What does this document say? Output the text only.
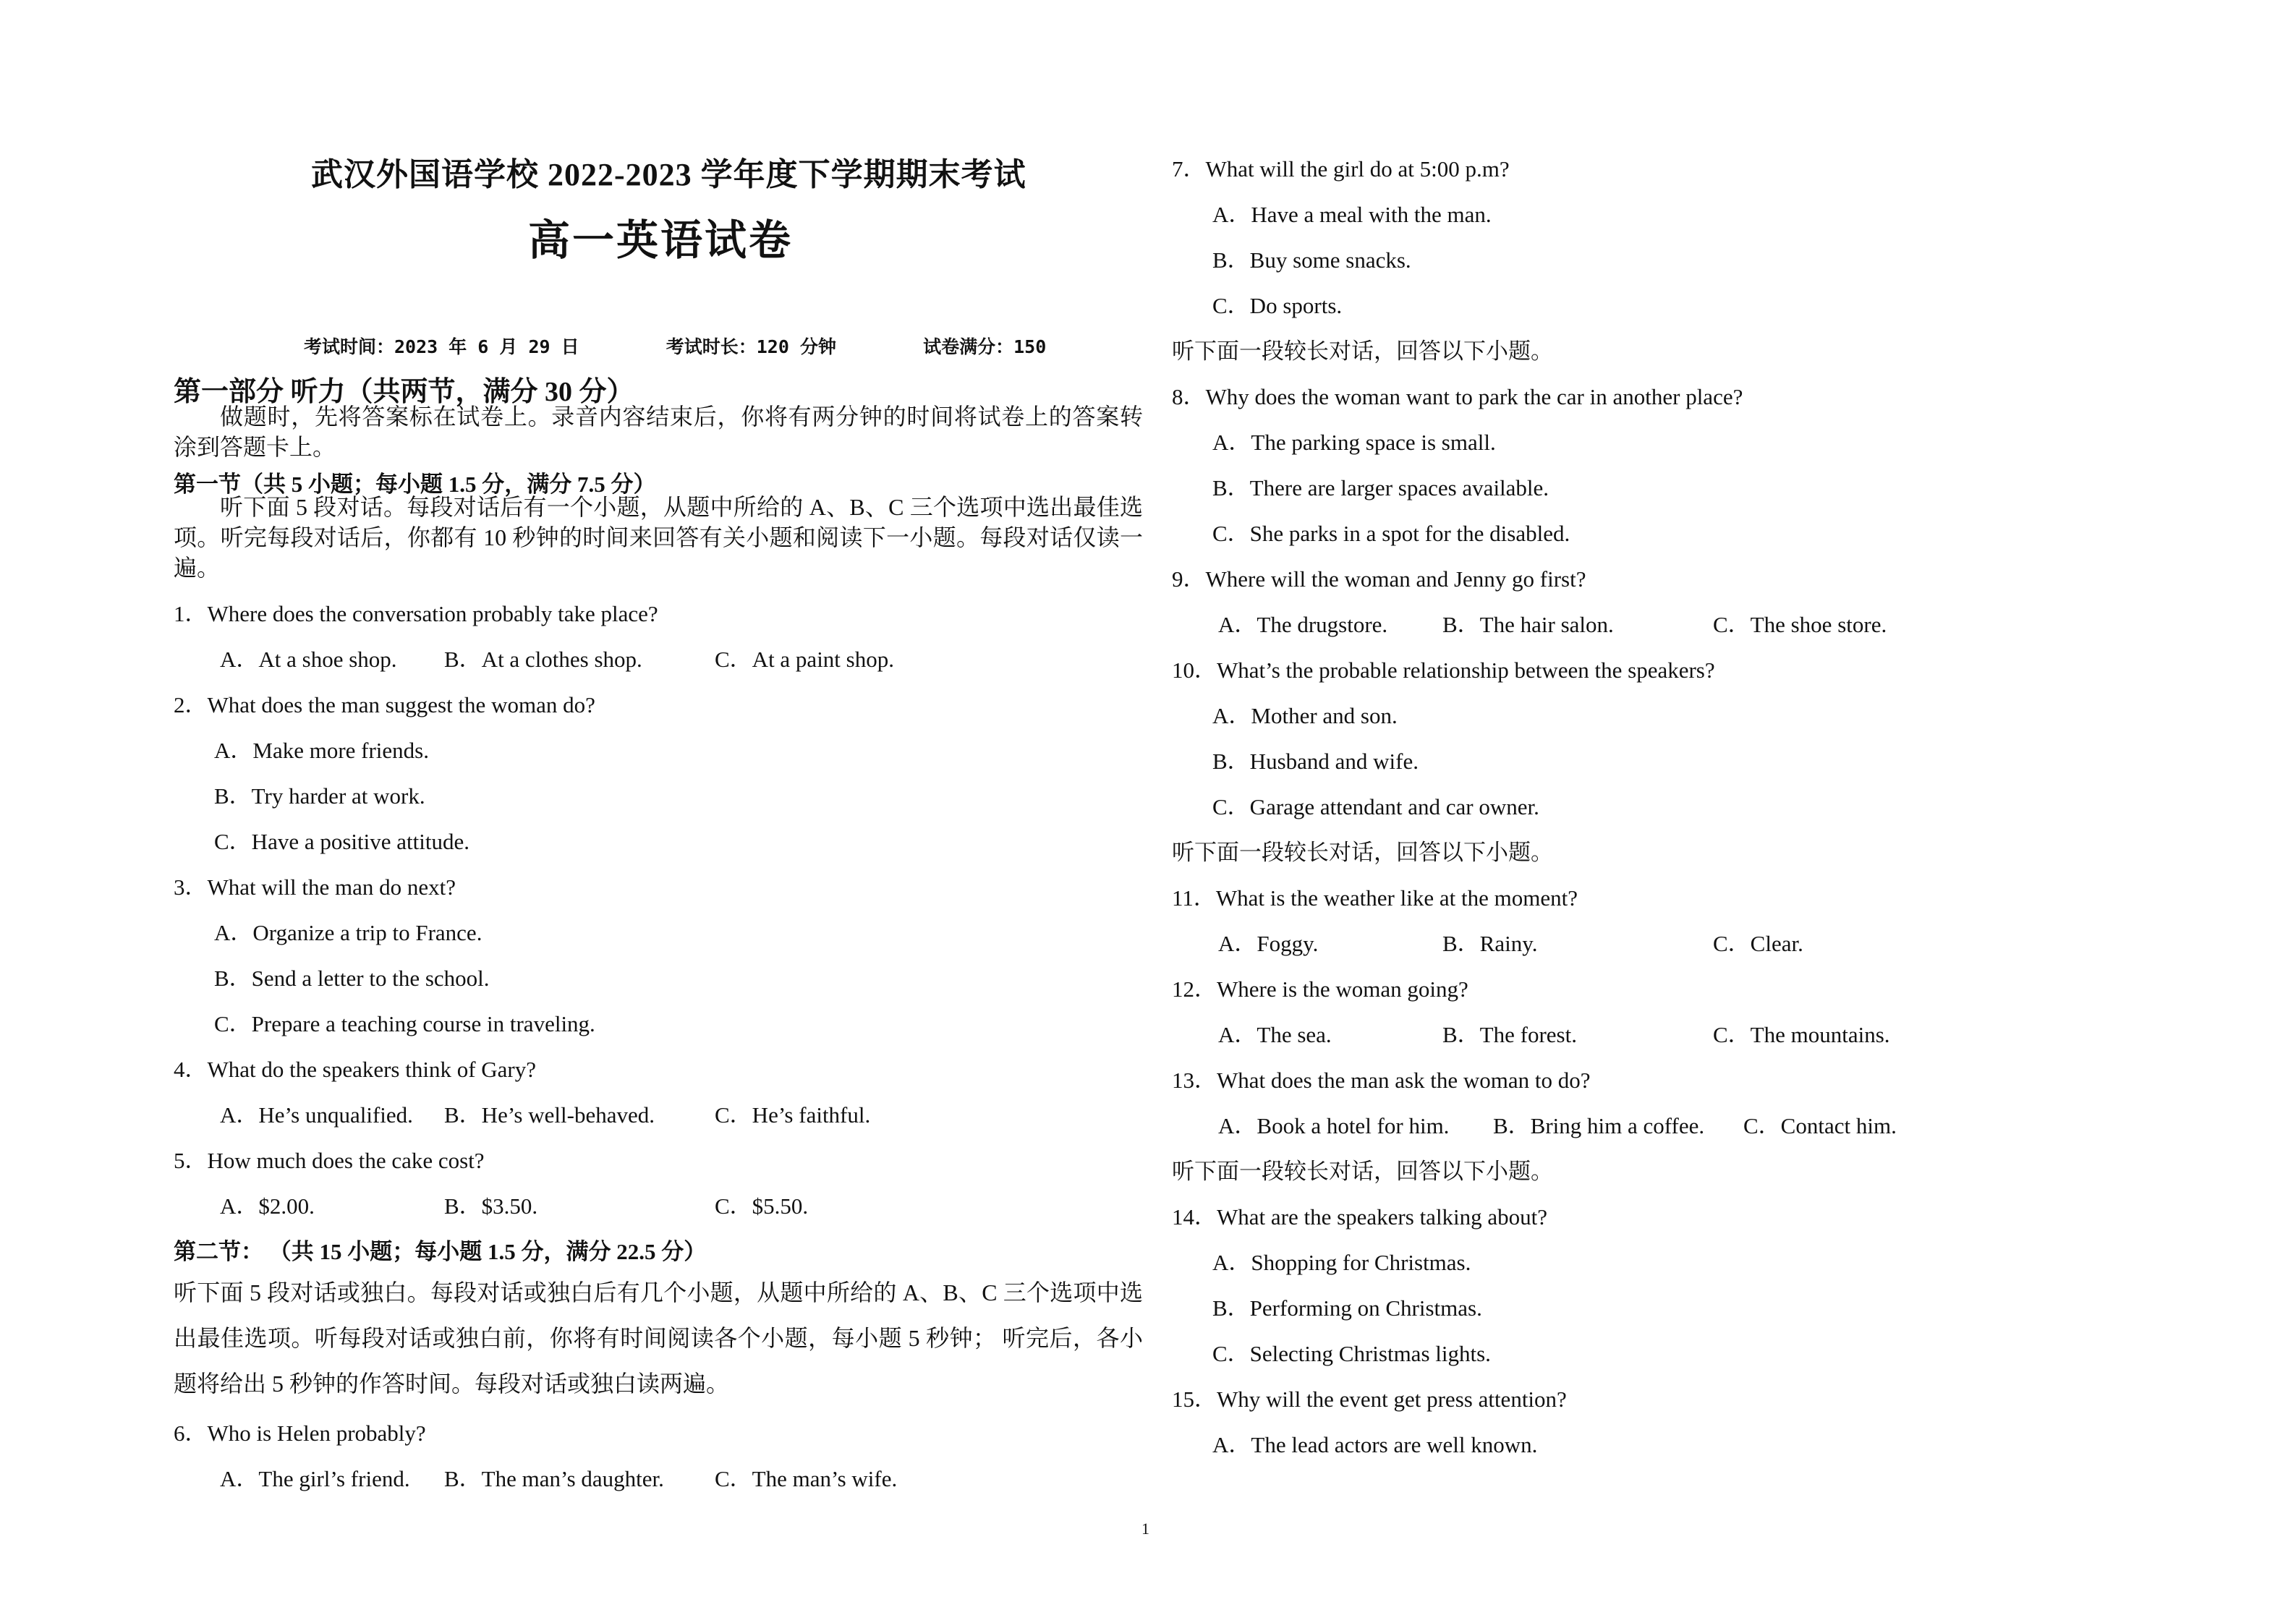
武汉外国语学校 2022-2023 学年度下学期期末考试
高一英语试卷
考试时间：2023 年 6 月 29 日	考试时长：120 分钟	试卷满分：150
第一部分 听力（共两节，满分 30 分）
做题时，先将答案标在试卷上。录音内容结束后，你将有两分钟的时间将试卷上的答案转涂到答题卡上。
第一节（共 5 小题；每小题 1.5 分，满分 7.5 分）
听下面 5 段对话。每段对话后有一个小题，从题中所给的 A、B、C 三个选项中选出最佳选项。听完每段对话后，你都有 10 秒钟的时间来回答有关小题和阅读下一小题。每段对话仅读一遍。
1．Where does the conversation probably take place?
A．At a shoe shop.	B．At a clothes shop.	C．At a paint shop.
2．What does the man suggest the woman do?
A．Make more friends.
B．Try harder at work.
C．Have a positive attitude.
3．What will the man do next?
A．Organize a trip to France.
B．Send a letter to the school.
C．Prepare a teaching course in traveling.
4．What do the speakers think of Gary?
A．He’s unqualified.	B．He’s well-behaved.	C．He’s faithful.
5．How much does the cake cost?
A．$2.00.	B．$3.50.	C．$5.50.
第二节： （共 15 小题；每小题 1.5 分，满分 22.5 分）
听下面 5 段对话或独白。每段对话或独白后有几个小题，从题中所给的 A、B、C 三个选项中选出最佳选项。听每段对话或独白前，你将有时间阅读各个小题，每小题 5 秒钟； 听完后，各小题将给出 5 秒钟的作答时间。每段对话或独白读两遍。
6．Who is Helen probably?
A．The girl’s friend.	B．The man’s daughter.	C．The man’s wife.
7．What will the girl do at 5:00 p.m?
A．Have a meal with the man.
B．Buy some snacks.
C．Do sports.
听下面一段较长对话，回答以下小题。
8．Why does the woman want to park the car in another place?
A．The parking space is small.
B．There are larger spaces available.
C．She parks in a spot for the disabled.
9．Where will the woman and Jenny go first?
A．The drugstore.	B．The hair salon.	C．The shoe store.
10．What’s the probable relationship between the speakers?
A．Mother and son.
B．Husband and wife.
C．Garage attendant and car owner.
听下面一段较长对话，回答以下小题。
11．What is the weather like at the moment?
A．Foggy.	B．Rainy.	C．Clear.
12．Where is the woman going?
A．The sea.	B．The forest.	C．The mountains.
13．What does the man ask the woman to do?
A．Book a hotel for him.	B．Bring him a coffee.	C．Contact him.
听下面一段较长对话，回答以下小题。
14．What are the speakers talking about?
A．Shopping for Christmas.
B．Performing on Christmas.
C．Selecting Christmas lights.
15．Why will the event get press attention?
A．The lead actors are well known.
1
